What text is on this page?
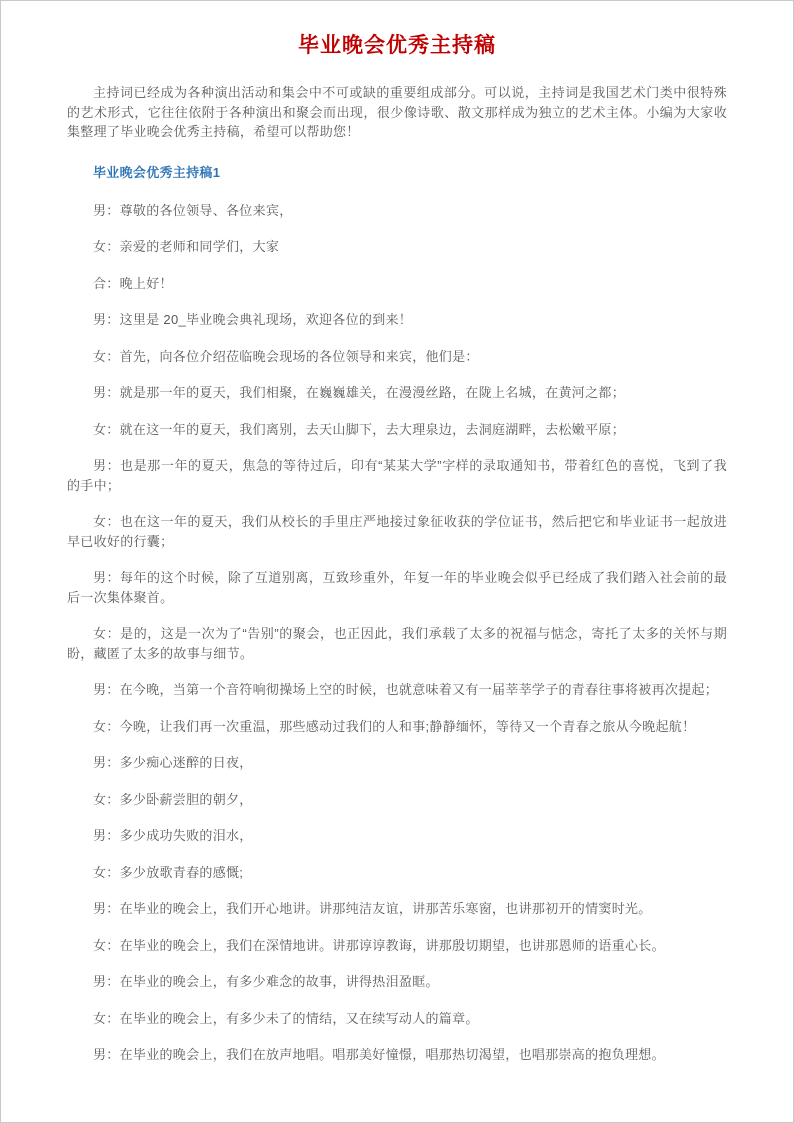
毕业晚会优秀主持稿

主持词已经成为各种演出活动和集会中不可或缺的重要组成部分。可以说，主持词是我国艺术门类中很特殊的艺术形式，它往往依附于各种演出和聚会而出现，很少像诗歌、散文那样成为独立的艺术主体。小编为大家收集整理了毕业晚会优秀主持稿，希望可以帮助您！

毕业晚会优秀主持稿1

男：尊敬的各位领导、各位来宾，

女：亲爱的老师和同学们，大家

合：晚上好！

男：这里是 20_毕业晚会典礼现场，欢迎各位的到来！

女：首先，向各位介绍莅临晚会现场的各位领导和来宾，他们是：

男：就是那一年的夏天，我们相聚，在巍巍雄关，在漫漫丝路，在陇上名城，在黄河之都；

女：就在这一年的夏天，我们离别，去天山脚下，去大理泉边，去洞庭湖畔，去松嫩平原；

男：也是那一年的夏天，焦急的等待过后，印有“某某大学”字样的录取通知书，带着红色的喜悦，飞到了我的手中；

女：也在这一年的夏天，我们从校长的手里庄严地接过象征收获的学位证书，然后把它和毕业证书一起放进早已收好的行囊；

男：每年的这个时候，除了互道别离，互致珍重外，年复一年的毕业晚会似乎已经成了我们踏入社会前的最后一次集体聚首。

女：是的，这是一次为了“告别”的聚会，也正因此，我们承载了太多的祝福与惦念，寄托了太多的关怀与期盼，藏匿了太多的故事与细节。

男：在今晚，当第一个音符响彻操场上空的时候，也就意味着又有一届莘莘学子的青春往事将被再次提起；

女：今晚，让我们再一次重温，那些感动过我们的人和事;静静缅怀，等待又一个青春之旅从今晚起航！

男：多少痴心迷醉的日夜，

女：多少卧薪尝胆的朝夕，

男：多少成功失败的泪水，

女：多少放歌青春的感慨;

男：在毕业的晚会上，我们开心地讲。讲那纯洁友谊，讲那苦乐寒窗，也讲那初开的情窦时光。

女：在毕业的晚会上，我们在深情地讲。讲那谆谆教诲，讲那殷切期望，也讲那恩师的语重心长。

男：在毕业的晚会上，有多少难念的故事，讲得热泪盈眶。

女：在毕业的晚会上，有多少未了的情结，又在续写动人的篇章。

男：在毕业的晚会上，我们在放声地唱。唱那美好憧憬，唱那热切渴望，也唱那崇高的抱负理想。
